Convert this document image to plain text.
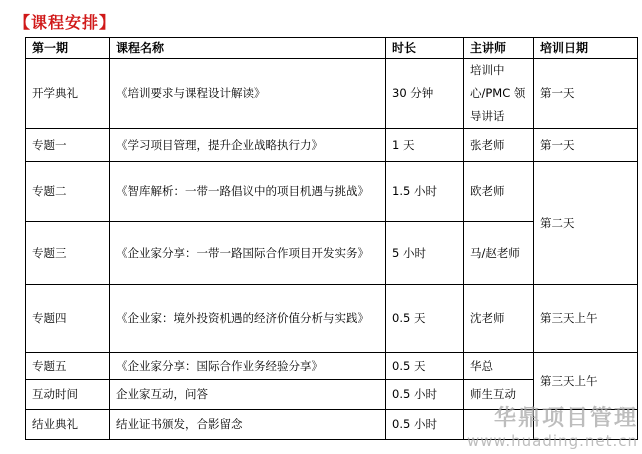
【课程安排】
第一期	课程名称	时长	主讲师	培训日期
开学典礼	《培训要求与课程设计解读》	30 分钟	培训中心/PMC 领导讲话	第一天
专题一	《学习项目管理，提升企业战略执行力》	1 天	张老师	第一天
专题二	《智库解析：一带一路倡议中的项目机遇与挑战》	1.5 小时	欧老师	第二天
专题三	《企业家分享：一带一路国际合作项目开发实务》	5 小时	马/赵老师	
专题四	《企业家：境外投资机遇的经济价值分析与实践》	0.5 天	沈老师	第三天上午
专题五	《企业家分享：国际合作业务经验分享》	0.5 天	华总	第三天上午
互动时间	企业家互动，问答	0.5 小时	师生互动	
结业典礼	结业证书颁发，合影留念	0.5 小时			华鼎项目管理
www.huading.net.cn
